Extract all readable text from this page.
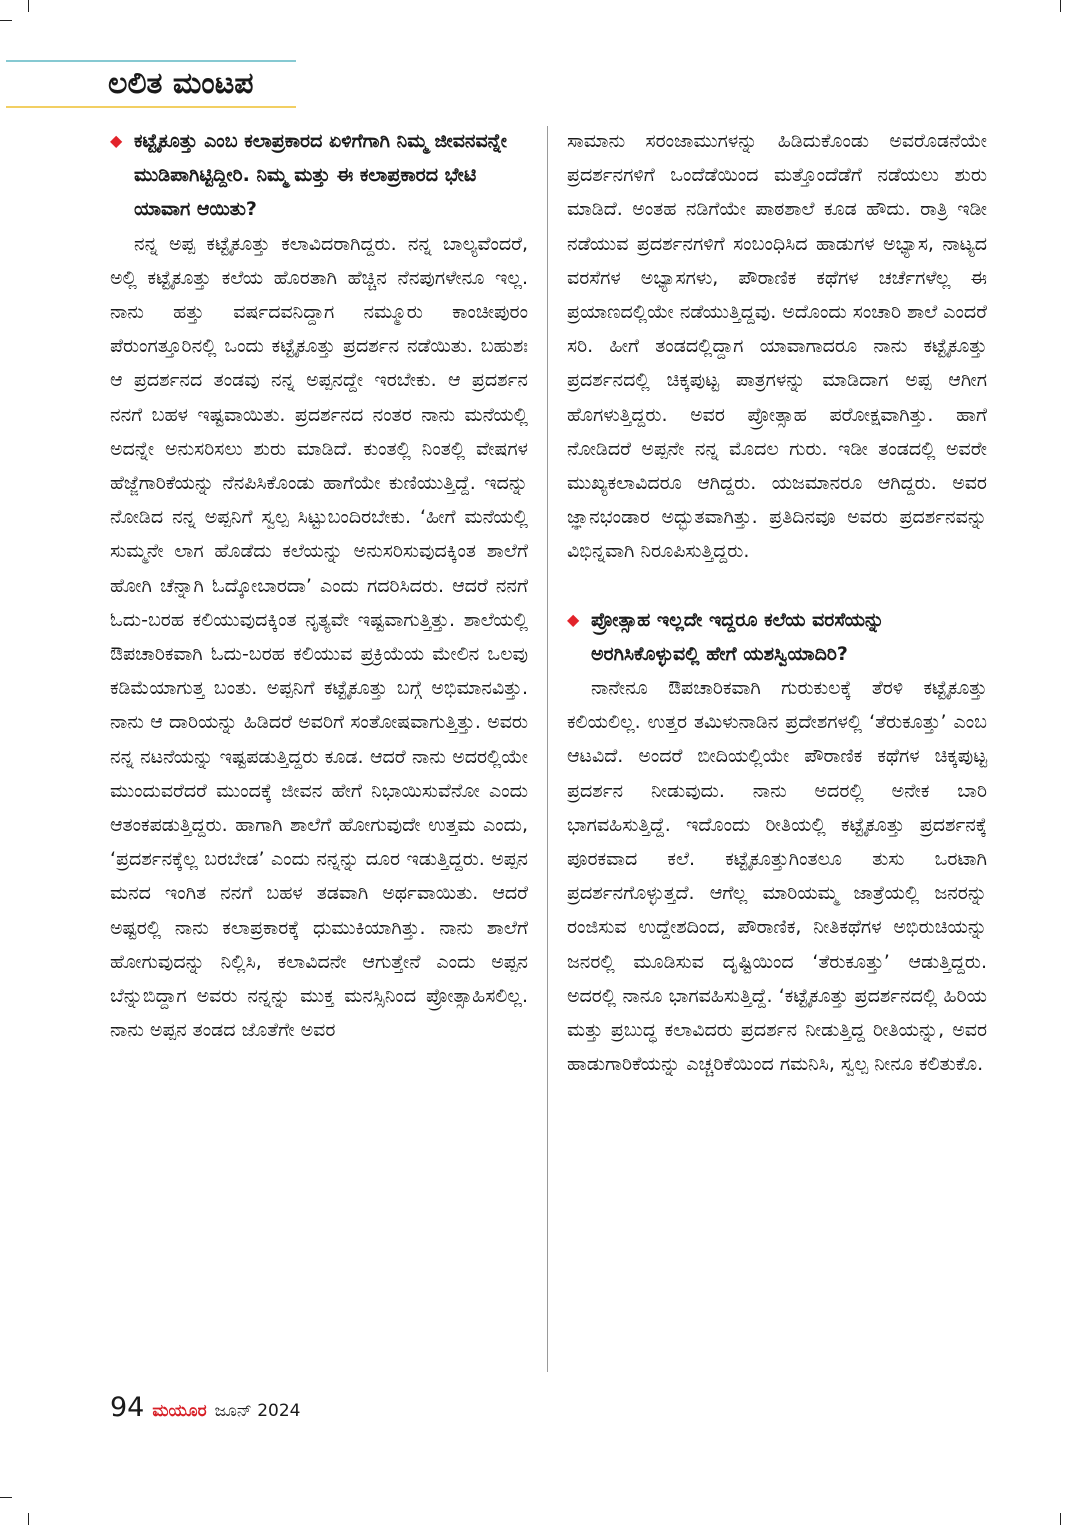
ಲಲಿತ ಮಂಟಪ

◆ ಕಟ್ಟೈಕೂತ್ತು ಎಂಬ ಕಲಾಪ್ರಕಾರದ ಏಳಿಗೆಗಾಗಿ ನಿಮ್ಮ ಜೀವನವನ್ನೇ ಮುಡಿಪಾಗಿಟ್ಟಿದ್ದೀರಿ. ನಿಮ್ಮ ಮತ್ತು ಈ ಕಲಾಪ್ರಕಾರದ ಭೇಟಿ ಯಾವಾಗ ಆಯಿತು?

ನನ್ನ ಅಪ್ಪ ಕಟ್ಟೈಕೂತ್ತು ಕಲಾವಿದರಾಗಿದ್ದರು. ನನ್ನ ಬಾಲ್ಯವೆಂದರೆ, ಅಲ್ಲಿ ಕಟ್ಟೈಕೂತ್ತು ಕಲೆಯ ಹೊರತಾಗಿ ಹೆಚ್ಚಿನ ನೆನಪುಗಳೇನೂ ಇಲ್ಲ. ನಾನು ಹತ್ತು ವರ್ಷದವನಿದ್ದಾಗ ನಮ್ಮೂರು ಕಾಂಚೀಪುರಂ ಪೆರುಂಗತ್ತೂರಿನಲ್ಲಿ ಒಂದು ಕಟ್ಟೈಕೂತ್ತು ಪ್ರದರ್ಶನ ನಡೆಯಿತು. ಬಹುಶಃ ಆ ಪ್ರದರ್ಶನದ ತಂಡವು ನನ್ನ ಅಪ್ಪನದ್ದೇ ಇರಬೇಕು. ಆ ಪ್ರದರ್ಶನ ನನಗೆ ಬಹಳ ಇಷ್ಟವಾಯಿತು. ಪ್ರದರ್ಶನದ ನಂತರ ನಾನು ಮನೆಯಲ್ಲಿ ಅದನ್ನೇ ಅನುಸರಿಸಲು ಶುರು ಮಾಡಿದೆ. ಕುಂತಲ್ಲಿ ನಿಂತಲ್ಲಿ ವೇಷಗಳ ಹೆಜ್ಜೆಗಾರಿಕೆಯನ್ನು ನೆನಪಿಸಿಕೊಂಡು ಹಾಗೆಯೇ ಕುಣಿಯುತ್ತಿದ್ದೆ. ಇದನ್ನು ನೋಡಿದ ನನ್ನ ಅಪ್ಪನಿಗೆ ಸ್ವಲ್ಪ ಸಿಟ್ಟುಬಂದಿರಬೇಕು. ‘ಹೀಗೆ ಮನೆಯಲ್ಲಿ ಸುಮ್ಮನೇ ಲಾಗ ಹೊಡೆದು ಕಲೆಯನ್ನು ಅನುಸರಿಸುವುದಕ್ಕಿಂತ ಶಾಲೆಗೆ ಹೋಗಿ ಚೆನ್ನಾಗಿ ಓದ್ಕೋಬಾರದಾ’ ಎಂದು ಗದರಿಸಿದರು. ಆದರೆ ನನಗೆ ಓದು-ಬರಹ ಕಲಿಯುವುದಕ್ಕಿಂತ ನೃತ್ಯವೇ ಇಷ್ಟವಾಗುತ್ತಿತ್ತು. ಶಾಲೆಯಲ್ಲಿ ಔಪಚಾರಿಕವಾಗಿ ಓದು-ಬರಹ ಕಲಿಯುವ ಪ್ರಕ್ರಿಯೆಯ ಮೇಲಿನ ಒಲವು ಕಡಿಮೆಯಾಗುತ್ತ ಬಂತು. ಅಪ್ಪನಿಗೆ ಕಟ್ಟೈಕೂತ್ತು ಬಗ್ಗೆ ಅಭಿಮಾನವಿತ್ತು. ನಾನು ಆ ದಾರಿಯನ್ನು ಹಿಡಿದರೆ ಅವರಿಗೆ ಸಂತೋಷವಾಗುತ್ತಿತ್ತು. ಅವರು ನನ್ನ ನಟನೆಯನ್ನು ಇಷ್ಟಪಡುತ್ತಿದ್ದರು ಕೂಡ. ಆದರೆ ನಾನು ಅದರಲ್ಲಿಯೇ ಮುಂದುವರೆದರೆ ಮುಂದಕ್ಕೆ ಜೀವನ ಹೇಗೆ ನಿಭಾಯಿಸುವೆನೋ ಎಂದು ಆತಂಕಪಡುತ್ತಿದ್ದರು. ಹಾಗಾಗಿ ಶಾಲೆಗೆ ಹೋಗುವುದೇ ಉತ್ತಮ ಎಂದು, ‘ಪ್ರದರ್ಶನಕ್ಕೆಲ್ಲ ಬರಬೇಡ’ ಎಂದು ನನ್ನನ್ನು ದೂರ ಇಡುತ್ತಿದ್ದರು. ಅಪ್ಪನ ಮನದ ಇಂಗಿತ ನನಗೆ ಬಹಳ ತಡವಾಗಿ ಅರ್ಥವಾಯಿತು. ಆದರೆ ಅಷ್ಟರಲ್ಲಿ ನಾನು ಕಲಾಪ್ರಕಾರಕ್ಕೆ ಧುಮುಕಿಯಾಗಿತ್ತು. ನಾನು ಶಾಲೆಗೆ ಹೋಗುವುದನ್ನು ನಿಲ್ಲಿಸಿ, ಕಲಾವಿದನೇ ಆಗುತ್ತೇನೆ ಎಂದು ಅಪ್ಪನ ಬೆನ್ನುಬಿದ್ದಾಗ ಅವರು ನನ್ನನ್ನು ಮುಕ್ತ ಮನಸ್ಸಿನಿಂದ ಪ್ರೋತ್ಸಾಹಿಸಲಿಲ್ಲ. ನಾನು ಅಪ್ಪನ ತಂಡದ ಜೊತೆಗೇ ಅವರ

ಸಾಮಾನು ಸರಂಜಾಮುಗಳನ್ನು ಹಿಡಿದುಕೊಂಡು ಅವರೊಡನೆಯೇ ಪ್ರದರ್ಶನಗಳಿಗೆ ಒಂದೆಡೆಯಿಂದ ಮತ್ತೊಂದೆಡೆಗೆ ನಡೆಯಲು ಶುರು ಮಾಡಿದೆ. ಅಂತಹ ನಡಿಗೆಯೇ ಪಾಠಶಾಲೆ ಕೂಡ ಹೌದು. ರಾತ್ರಿ ಇಡೀ ನಡೆಯುವ ಪ್ರದರ್ಶನಗಳಿಗೆ ಸಂಬಂಧಿಸಿದ ಹಾಡುಗಳ ಅಭ್ಯಾಸ, ನಾಟ್ಯದ ವರಸೆಗಳ ಅಭ್ಯಾಸಗಳು, ಪೌರಾಣಿಕ ಕಥೆಗಳ ಚರ್ಚೆಗಳೆಲ್ಲ ಈ ಪ್ರಯಾಣದಲ್ಲಿಯೇ ನಡೆಯುತ್ತಿದ್ದವು. ಅದೊಂದು ಸಂಚಾರಿ ಶಾಲೆ ಎಂದರೆ ಸರಿ. ಹೀಗೆ ತಂಡದಲ್ಲಿದ್ದಾಗ ಯಾವಾಗಾದರೂ ನಾನು ಕಟ್ಟೈಕೂತ್ತು ಪ್ರದರ್ಶನದಲ್ಲಿ ಚಿಕ್ಕಪುಟ್ಟ ಪಾತ್ರಗಳನ್ನು ಮಾಡಿದಾಗ ಅಪ್ಪ ಆಗೀಗ ಹೊಗಳುತ್ತಿದ್ದರು. ಅವರ ಪ್ರೋತ್ಸಾಹ ಪರೋಕ್ಷವಾಗಿತ್ತು. ಹಾಗೆ ನೋಡಿದರೆ ಅಪ್ಪನೇ ನನ್ನ ಮೊದಲ ಗುರು. ಇಡೀ ತಂಡದಲ್ಲಿ ಅವರೇ ಮುಖ್ಯಕಲಾವಿದರೂ ಆಗಿದ್ದರು. ಯಜಮಾನರೂ ಆಗಿದ್ದರು. ಅವರ ಜ್ಞಾನಭಂಡಾರ ಅದ್ಭುತವಾಗಿತ್ತು. ಪ್ರತಿದಿನವೂ ಅವರು ಪ್ರದರ್ಶನವನ್ನು ವಿಭಿನ್ನವಾಗಿ ನಿರೂಪಿಸುತ್ತಿದ್ದರು.

◆ ಪ್ರೋತ್ಸಾಹ ಇಲ್ಲದೇ ಇದ್ದರೂ ಕಲೆಯ ವರಸೆಯನ್ನು ಅರಗಿಸಿಕೊಳ್ಳುವಲ್ಲಿ ಹೇಗೆ ಯಶಸ್ವಿಯಾದಿರಿ?

ನಾನೇನೂ ಔಪಚಾರಿಕವಾಗಿ ಗುರುಕುಲಕ್ಕೆ ತೆರಳಿ ಕಟ್ಟೈಕೂತ್ತು ಕಲಿಯಲಿಲ್ಲ. ಉತ್ತರ ತಮಿಳುನಾಡಿನ ಪ್ರದೇಶಗಳಲ್ಲಿ ‘ತೆರುಕೂತ್ತು’ ಎಂಬ ಆಟವಿದೆ. ಅಂದರೆ ಬೀದಿಯಲ್ಲಿಯೇ ಪೌರಾಣಿಕ ಕಥೆಗಳ ಚಿಕ್ಕಪುಟ್ಟ ಪ್ರದರ್ಶನ ನೀಡುವುದು. ನಾನು ಅದರಲ್ಲಿ ಅನೇಕ ಬಾರಿ ಭಾಗವಹಿಸುತ್ತಿದ್ದೆ. ಇದೊಂದು ರೀತಿಯಲ್ಲಿ ಕಟ್ಟೈಕೂತ್ತು ಪ್ರದರ್ಶನಕ್ಕೆ ಪೂರಕವಾದ ಕಲೆ. ಕಟ್ಟೈಕೂತ್ತುಗಿಂತಲೂ ತುಸು ಒರಟಾಗಿ ಪ್ರದರ್ಶನಗೊಳ್ಳುತ್ತದೆ. ಆಗೆಲ್ಲ ಮಾರಿಯಮ್ಮ ಜಾತ್ರೆಯಲ್ಲಿ ಜನರನ್ನು ರಂಜಿಸುವ ಉದ್ದೇಶದಿಂದ, ಪೌರಾಣಿಕ, ನೀತಿಕಥೆಗಳ ಅಭಿರುಚಿಯನ್ನು ಜನರಲ್ಲಿ ಮೂಡಿಸುವ ದೃಷ್ಟಿಯಿಂದ ‘ತೆರುಕೂತ್ತು’ ಆಡುತ್ತಿದ್ದರು. ಅದರಲ್ಲಿ ನಾನೂ ಭಾಗವಹಿಸುತ್ತಿದ್ದೆ. ‘ಕಟ್ಟೈಕೂತ್ತು ಪ್ರದರ್ಶನದಲ್ಲಿ ಹಿರಿಯ ಮತ್ತು ಪ್ರಬುದ್ಧ ಕಲಾವಿದರು ಪ್ರದರ್ಶನ ನೀಡುತ್ತಿದ್ದ ರೀತಿಯನ್ನು, ಅವರ ಹಾಡುಗಾರಿಕೆಯನ್ನು ಎಚ್ಚರಿಕೆಯಿಂದ ಗಮನಿಸಿ, ಸ್ವಲ್ಪ ನೀನೂ ಕಲಿತುಕೊ.

94 ಮಯೂರ ಜೂನ್ 2024
